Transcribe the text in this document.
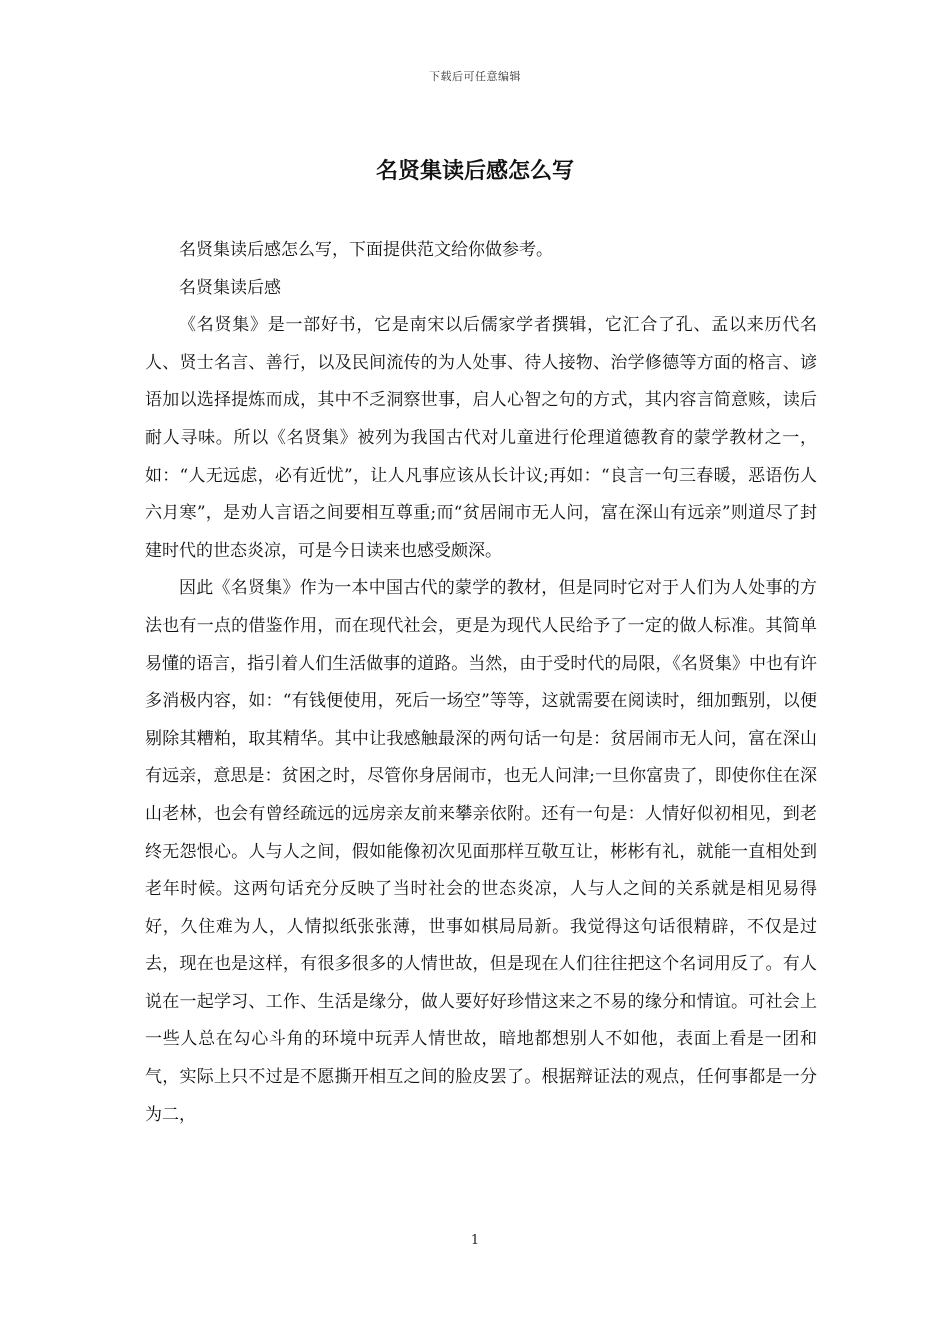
下载后可任意编辑
名贤集读后感怎么写

名贤集读后感怎么写，下面提供范文给你做参考。

名贤集读后感

《名贤集》是一部好书，它是南宋以后儒家学者撰辑，它汇合了孔、孟以来历代名人、贤士名言、善行，以及民间流传的为人处事、待人接物、治学修德等方面的格言、谚语加以选择提炼而成，其中不乏洞察世事，启人心智之句的方式，其内容言简意赅，读后耐人寻味。所以《名贤集》被列为我国古代对儿童进行伦理道德教育的蒙学教材之一，如：“人无远虑，必有近忧”，让人凡事应该从长计议;再如：“良言一句三春暖，恶语伤人六月寒”，是劝人言语之间要相互尊重;而“贫居闹市无人问，富在深山有远亲”则道尽了封建时代的世态炎凉，可是今日读来也感受颇深。

因此《名贤集》作为一本中国古代的蒙学的教材，但是同时它对于人们为人处事的方法也有一点的借鉴作用，而在现代社会，更是为现代人民给予了一定的做人标准。其简单易懂的语言，指引着人们生活做事的道路。当然，由于受时代的局限，《名贤集》中也有许多消极内容，如：“有钱便使用，死后一场空”等等，这就需要在阅读时，细加甄别，以便剔除其糟粕，取其精华。其中让我感触最深的两句话一句是：贫居闹市无人问，富在深山有远亲，意思是：贫困之时，尽管你身居闹市，也无人问津;一旦你富贵了，即使你住在深山老林，也会有曾经疏远的远房亲友前来攀亲依附。还有一句是：人情好似初相见，到老终无怨恨心。人与人之间，假如能像初次见面那样互敬互让，彬彬有礼，就能一直相处到老年时候。这两句话充分反映了当时社会的世态炎凉，人与人之间的关系就是相见易得好，久住难为人，人情拟纸张张薄，世事如棋局局新。我觉得这句话很精辟，不仅是过去，现在也是这样，有很多很多的人情世故，但是现在人们往往把这个名词用反了。有人说在一起学习、工作、生活是缘分，做人要好好珍惜这来之不易的缘分和情谊。可社会上一些人总在勾心斗角的环境中玩弄人情世故，暗地都想别人不如他，表面上看是一团和气，实际上只不过是不愿撕开相互之间的脸皮罢了。根据辩证法的观点，任何事都是一分为二，

1
